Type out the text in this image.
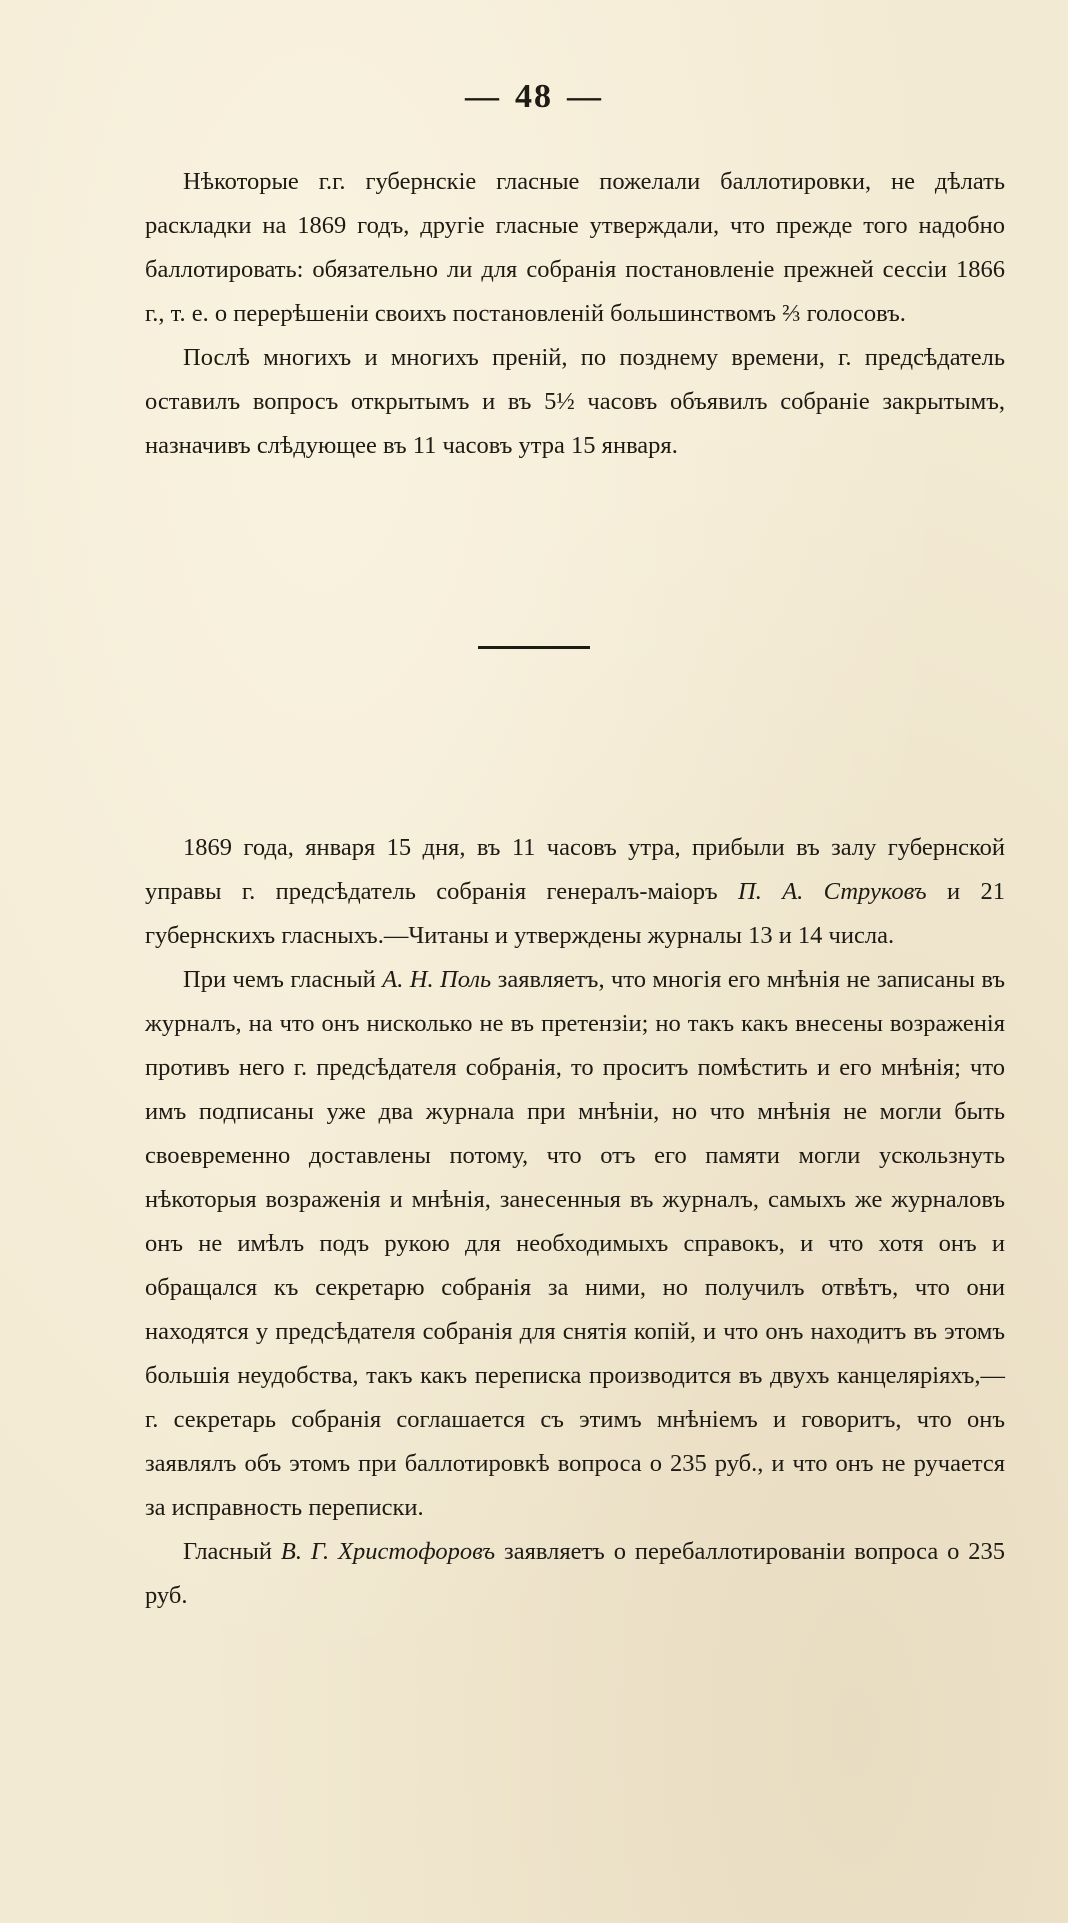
— 48 —

Нѣкоторые г.г. губернскіе гласные пожелали баллотировки, не дѣлать раскладки на 1869 годъ, другіе гласные утверждали, что прежде того надобно баллотировать: обязательно ли для собранія постановленіе прежней сессіи 1866 г., т. е. о перерѣшеніи своихъ постановленій большинствомъ ⅔ голосовъ.

Послѣ многихъ и многихъ преній, по позднему времени, г. предсѣдатель оставилъ вопросъ открытымъ и въ 5½ часовъ объявилъ собраніе закрытымъ, назначивъ слѣдующее въ 11 часовъ утра 15 января.

1869 года, января 15 дня, въ 11 часовъ утра, прибыли въ залу губернской управы г. предсѣдатель собранія генералъ-маіоръ П. А. Струковъ и 21 губернскихъ гласныхъ.—Читаны и утверждены журналы 13 и 14 числа.

При чемъ гласный А. Н. Поль заявляетъ, что многія его мнѣнія не записаны въ журналъ, на что онъ нисколько не въ претензіи; но такъ какъ внесены возраженія противъ него г. предсѣдателя собранія, то проситъ помѣстить и его мнѣнія; что имъ подписаны уже два журнала при мнѣніи, но что мнѣнія не могли быть своевременно доставлены потому, что отъ его памяти могли ускользнуть нѣкоторыя возраженія и мнѣнія, занесенныя въ журналъ, самыхъ же журналовъ онъ не имѣлъ подъ рукою для необходимыхъ справокъ, и что хотя онъ и обращался къ секретарю собранія за ними, но получилъ отвѣтъ, что они находятся у предсѣдателя собранія для снятія копій, и что онъ находитъ въ этомъ большія неудобства, такъ какъ переписка производится въ двухъ канцеляріяхъ,—г. секретарь собранія соглашается съ этимъ мнѣніемъ и говоритъ, что онъ заявлялъ объ этомъ при баллотировкѣ вопроса о 235 руб., и что онъ не ручается за исправность переписки.

Гласный В. Г. Христофоровъ заявляетъ о перебаллотированіи вопроса о 235 руб.
